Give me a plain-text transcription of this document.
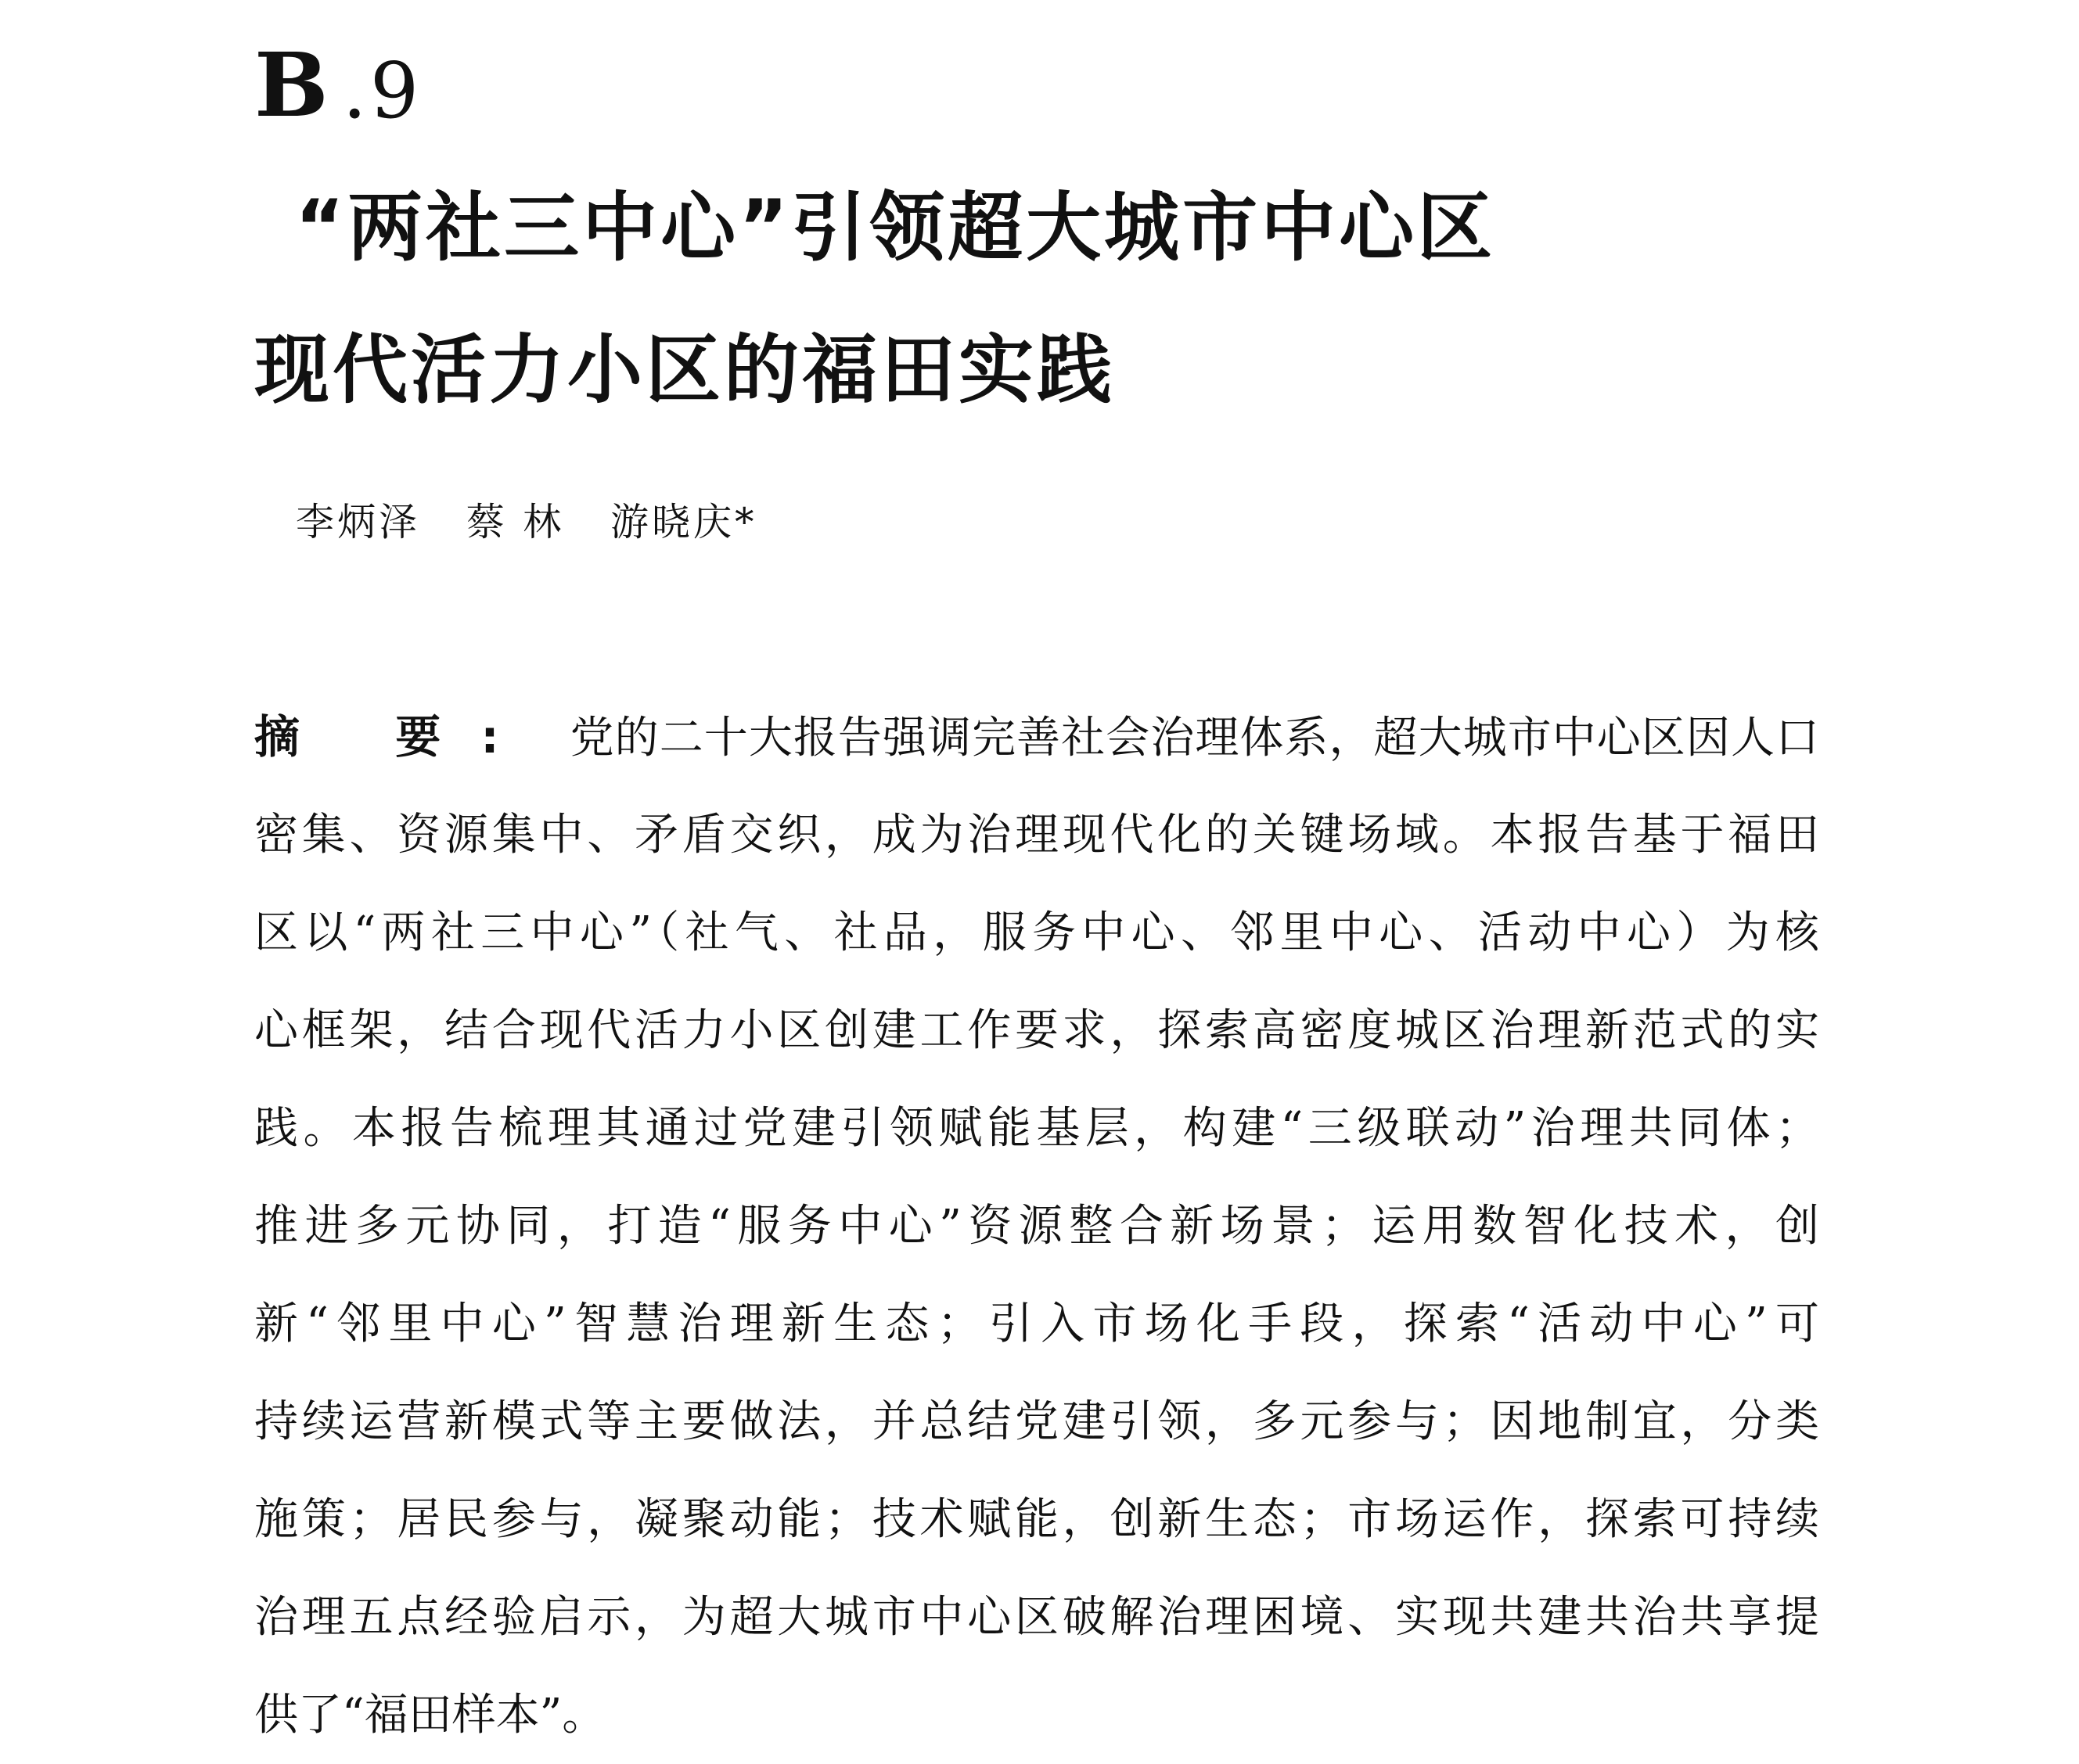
B .9
“两社三中心”引领超大城市中心区
现代活力小区的福田实践
李炳泽   蔡 林   游晓庆*
摘 要: 党的二十大报告强调完善社会治理体系，超大城市中心区因人口
密集、资源集中、矛盾交织，成为治理现代化的关键场域。本报告基于福田
区以“两社三中心”（社气、社品，服务中心、邻里中心、活动中心）为核
心框架，结合现代活力小区创建工作要求，探索高密度城区治理新范式的实
践。本报告梳理其通过党建引领赋能基层，构建“三级联动”治理共同体；
推进多元协同，打造“服务中心”资源整合新场景；运用数智化技术，创
新“邻里中心”智慧治理新生态；引入市场化手段，探索“活动中心”可
持续运营新模式等主要做法，并总结党建引领，多元参与；因地制宜，分类
施策；居民参与，凝聚动能；技术赋能，创新生态；市场运作，探索可持续
治理五点经验启示，为超大城市中心区破解治理困境、实现共建共治共享提
供了“福田样本”。
